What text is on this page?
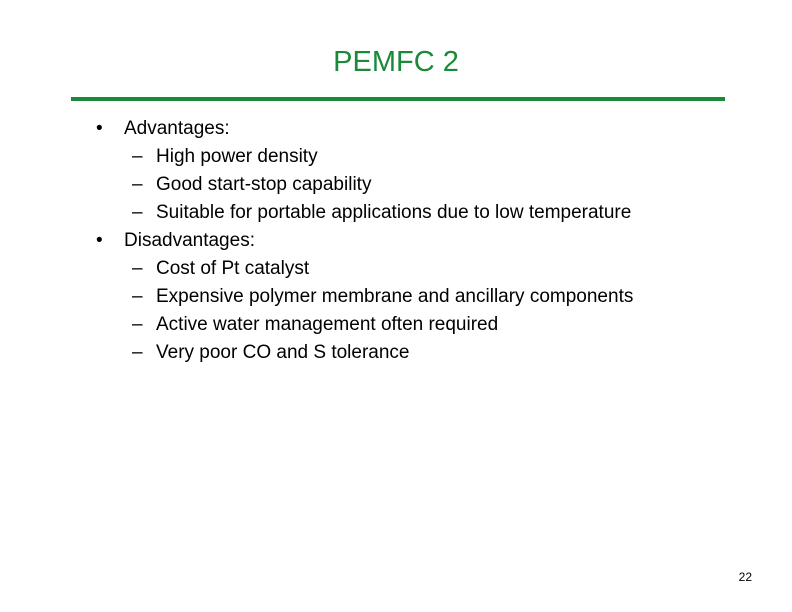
PEMFC 2
•	Advantages:
– High power density
– Good start-stop capability
– Suitable for portable applications due to low temperature
•	Disadvantages:
– Cost of Pt catalyst
– Expensive polymer membrane and ancillary components
– Active water management often required
– Very poor CO and S tolerance
22
